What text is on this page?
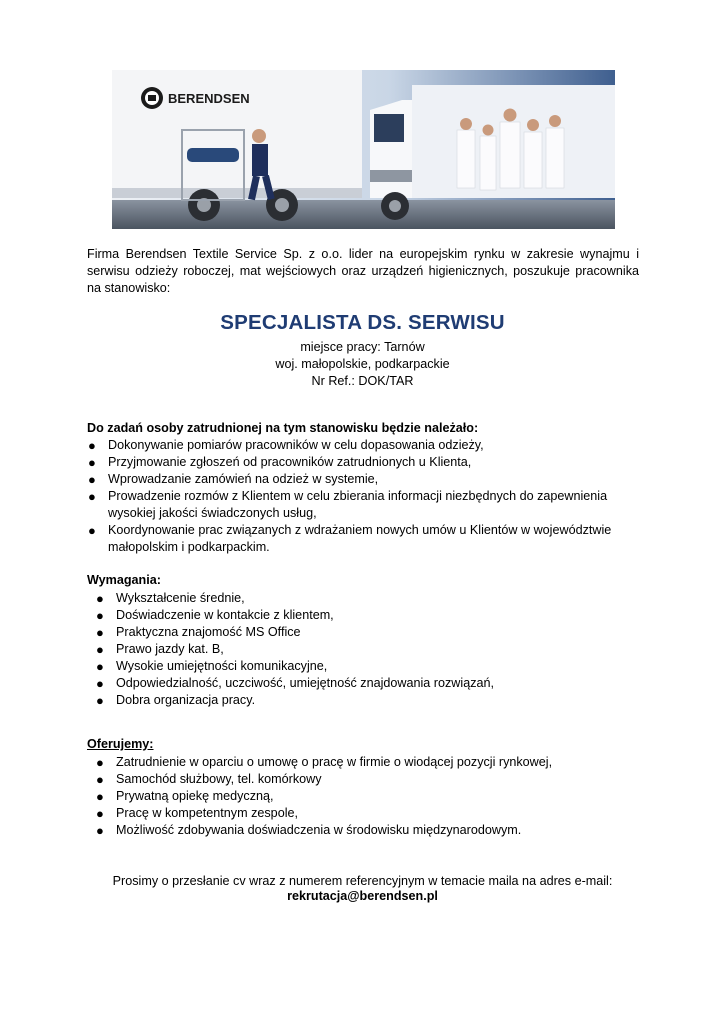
BERENDSEN
Firma Berendsen Textile Service Sp. z o.o. lider na europejskim rynku w zakresie wynajmu i serwisu odzieży roboczej, mat wejściowych oraz urządzeń higienicznych, poszukuje pracownika na stanowisko:
SPECJALISTA DS. SERWISU
miejsce pracy: Tarnów
woj. małopolskie, podkarpackie
Nr Ref.: DOK/TAR
Do zadań osoby zatrudnionej na tym stanowisku będzie należało:
● Dokonywanie pomiarów pracowników w celu dopasowania odzieży,
● Przyjmowanie zgłoszeń od pracowników zatrudnionych u Klienta,
● Wprowadzanie zamówień na odzież w systemie,
● Prowadzenie rozmów z Klientem w celu zbierania informacji niezbędnych do zapewnienia wysokiej jakości świadczonych usług,
● Koordynowanie prac związanych z wdrażaniem nowych umów u Klientów w województwie małopolskim i podkarpackim.
Wymagania:
● Wykształcenie średnie,
● Doświadczenie w kontakcie z klientem,
● Praktyczna znajomość MS Office
● Prawo jazdy kat. B,
● Wysokie umiejętności komunikacyjne,
● Odpowiedzialność, uczciwość, umiejętność znajdowania rozwiązań,
● Dobra organizacja pracy.
Oferujemy:
● Zatrudnienie w oparciu o umowę o pracę w firmie o wiodącej pozycji rynkowej,
● Samochód służbowy, tel. komórkowy
● Prywatną opiekę medyczną,
● Pracę w kompetentnym zespole,
● Możliwość zdobywania doświadczenia w środowisku międzynarodowym.
Prosimy o przesłanie cv wraz z numerem referencyjnym w temacie maila na adres e-mail:
rekrutacja@berendsen.pl
